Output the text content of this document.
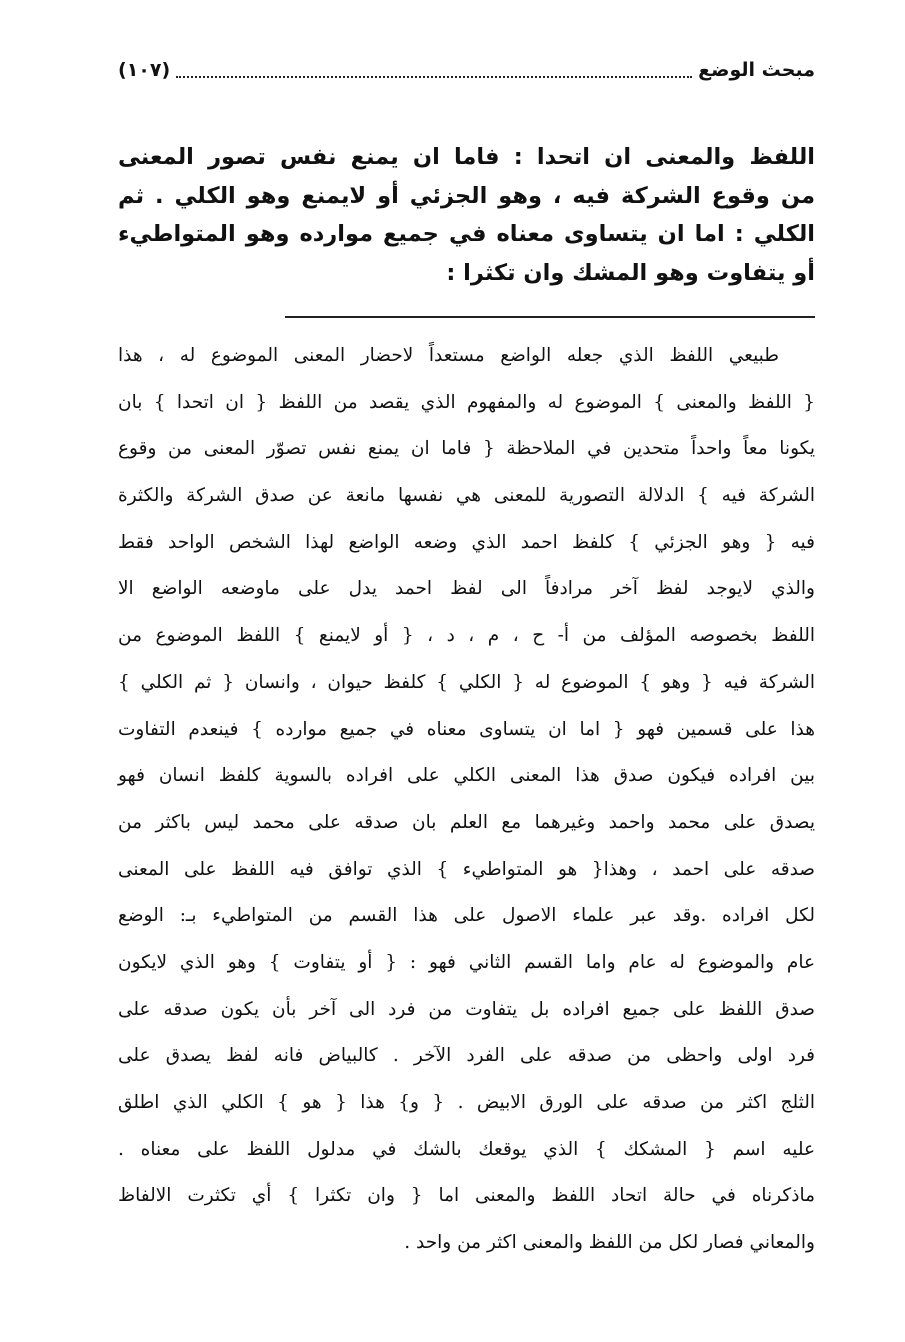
مبحث الوضع
(١٠٧)
اللفظ والمعنى ان اتحدا : فاما ان يمنع نفس تصور المعنى
من وقوع الشركة فيه ، وهو الجزئي أو لايمنع وهو الكلي . ثم
الكلي : اما ان يتساوى معناه في جميع موارده وهو المتواطيء
أو يتفاوت وهو المشك وان تكثرا :
طبيعي اللفظ الذي جعله الواضع مستعداً لاحضار المعنى الموضوع له ، هذا
{ اللفظ والمعنى } الموضوع له والمفهوم الذي يقصد من اللفظ { ان اتحدا } بان
يكونا معاً واحداً متحدين في الملاحظة { فاما ان يمنع نفس تصوّر المعنى من وقوع
الشركة فيه } الدلالة التصورية للمعنى هي نفسها مانعة عن صدق الشركة والكثرة
فيه { وهو الجزئي } كلفظ احمد الذي وضعه الواضع لهذا الشخص الواحد فقط
والذي لايوجد لفظ آخر مرادفاً الى لفظ احمد يدل على ماوضعه الواضع الا
اللفظ بخصوصه المؤلف من أ- ح ، م ، د ، { أو لايمنع } اللفظ الموضوع من
الشركة فيه { وهو } الموضوع له { الكلي } كلفظ حيوان ، وانسان { ثم الكلي }
هذا على قسمين فهو { اما ان يتساوى معناه في جميع موارده } فينعدم التفاوت
بين افراده فيكون صدق هذا المعنى الكلي على افراده بالسوية كلفظ انسان فهو
يصدق على محمد واحمد وغيرهما مع العلم بان صدقه على محمد ليس باكثر من
صدقه على احمد ، وهذا{ هو المتواطيء } الذي توافق فيه اللفظ على المعنى
لكل افراده .وقد عبر علماء الاصول على هذا القسم من المتواطيء بـ: الوضع
عام والموضوع له عام واما القسم الثاني فهو : { أو يتفاوت } وهو الذي لايكون
صدق اللفظ على جميع افراده بل يتفاوت من فرد الى آخر بأن يكون صدقه على
فرد اولى واحظى من صدقه على الفرد الآخر . كالبياض فانه لفظ يصدق على
الثلج اكثر من صدقه على الورق الابيض . { و} هذا { هو } الكلي الذي اطلق
عليه اسم { المشكك } الذي يوقعك بالشك في مدلول اللفظ على معناه .
ماذكرناه في حالة اتحاد اللفظ والمعنى اما { وان تكثرا } أي تكثرت الالفاظ
والمعاني فصار لكل من اللفظ والمعنى اكثر من واحد .
